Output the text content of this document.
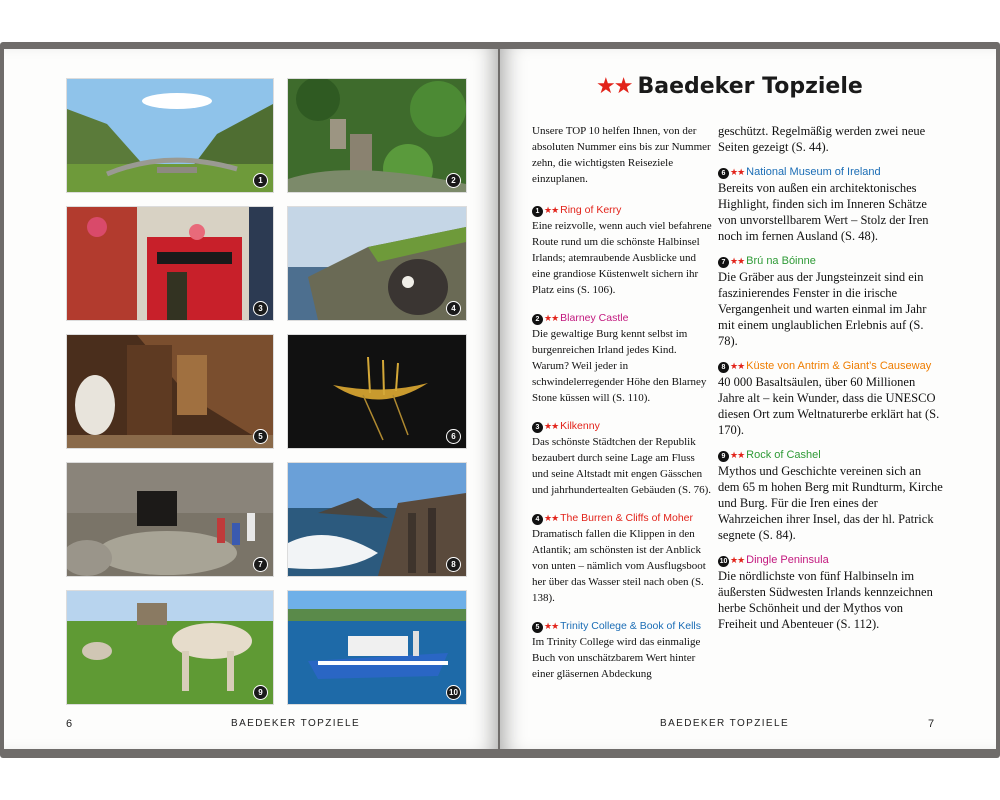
1	2
3	4
5	6
7	8
9	10
6	BAEDEKER TOPZIELE
★★ Baedeker Topziele

Unsere TOP 10 helfen Ihnen, von der absoluten Nummer eins bis zur Nummer zehn, die wichtigsten Reiseziele einzuplanen.

1 ★★ Ring of Kerry

Eine reizvolle, wenn auch viel befahrene Route rund um die schönste Halbinsel Irlands; atemraubende Ausblicke und eine grandiose Küstenwelt sichern ihr Platz eins (S. 106).

2 ★★ Blarney Castle

Die gewaltige Burg kennt selbst im burgenreichen Irland jedes Kind. Warum? Weil jeder in schwindelerregender Höhe den Blarney Stone küssen will (S. 110).

3 ★★ Kilkenny

Das schönste Städtchen der Republik bezaubert durch seine Lage am Fluss und seine Altstadt mit engen Gässchen und jahrhundertealten Gebäuden (S. 76).

4 ★★ The Burren & Cliffs of Moher

Dramatisch fallen die Klippen in den Atlantik; am schönsten ist der Anblick von unten – nämlich vom Ausflugsboot her über das Wasser steil nach oben (S. 138).

5 ★★ Trinity College & Book of Kells

Im Trinity College wird das einmalige Buch von unschätzbarem Wert hinter einer gläsernen Abdeckung

geschützt. Regelmäßig werden zwei neue Seiten gezeigt (S. 44).

6 ★★ National Museum of Ireland

Bereits von außen ein architektonisches Highlight, finden sich im Inneren Schätze von unvorstellbarem Wert – Stolz der Iren noch im fernen Ausland (S. 48).

7 ★★ Brú na Bóinne

Die Gräber aus der Jungsteinzeit sind ein faszinierendes Fenster in die irische Vergangenheit und warten einmal im Jahr mit einem unglaublichen Erlebnis auf (S. 78).

8 ★★ Küste von Antrim & Giant’s Causeway

40 000 Basaltsäulen, über 60 Millionen Jahre alt – kein Wunder, dass die UNESCO diesen Ort zum Weltnaturerbe erklärt hat (S. 170).

9 ★★ Rock of Cashel

Mythos und Geschichte vereinen sich an dem 65 m hohen Berg mit Rundturm, Kirche und Burg. Für die Iren eines der Wahrzeichen ihrer Insel, das der hl. Patrick segnete (S. 84).

10 ★★ Dingle Peninsula

Die nördlichste von fünf Halbinseln im äußersten Südwesten Irlands kennzeichnen herbe Schönheit und der Mythos von Freiheit und Abenteuer (S. 112).

BAEDEKER TOPZIELE	7
